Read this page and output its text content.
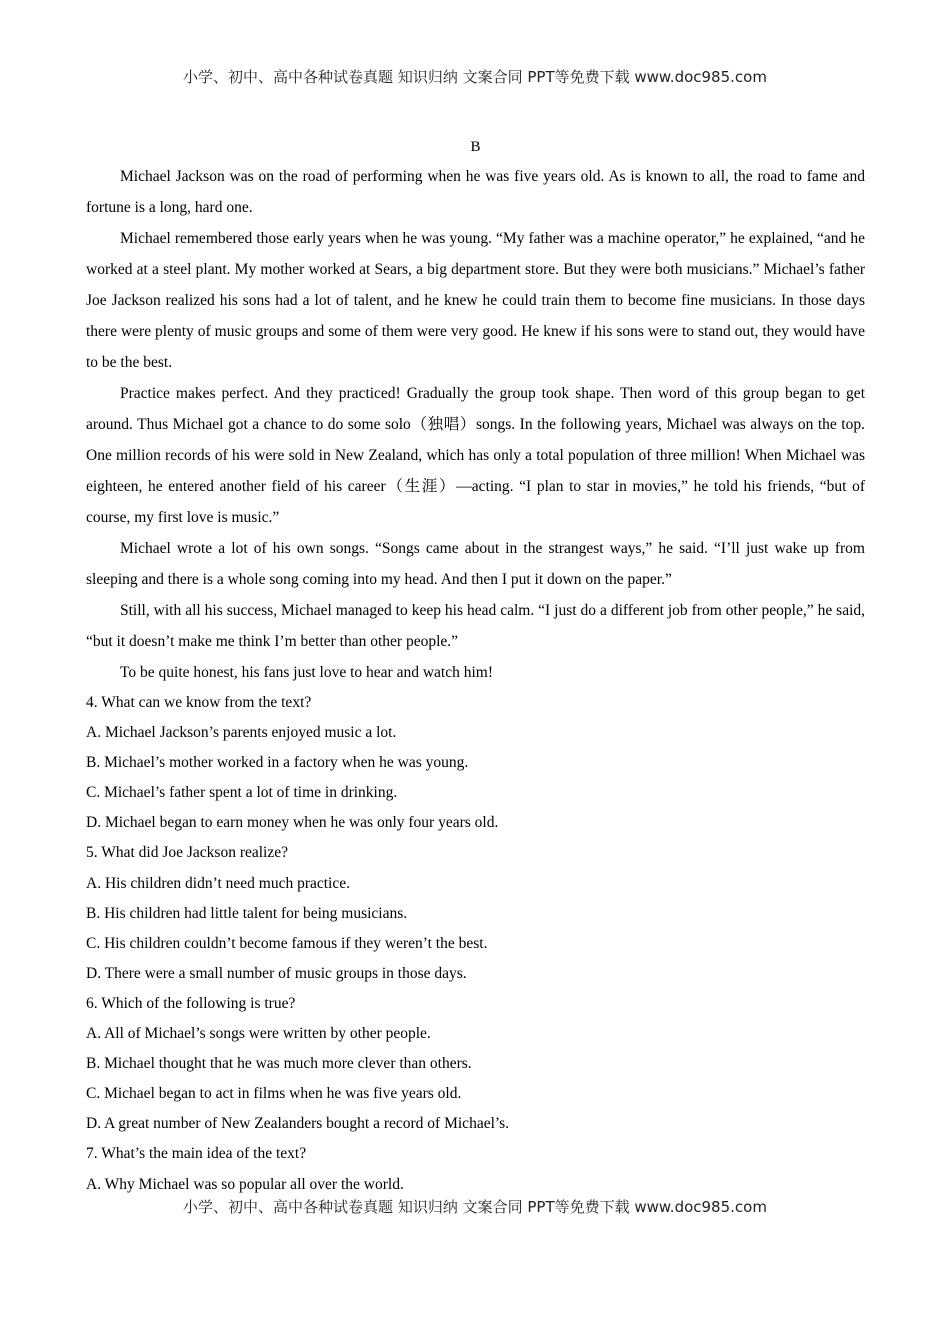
小学、初中、高中各种试卷真题 知识归纳 文案合同 PPT等免费下载 www.doc985.com
B

Michael Jackson was on the road of performing when he was five years old. As is known to all, the road to fame and fortune is a long, hard one.

Michael remembered those early years when he was young. “My father was a machine operator,” he explained, “and he worked at a steel plant. My mother worked at Sears, a big department store. But they were both musicians.” Michael’s father Joe Jackson realized his sons had a lot of talent, and he knew he could train them to become fine musicians. In those days there were plenty of music groups and some of them were very good. He knew if his sons were to stand out, they would have to be the best.

Practice makes perfect. And they practiced! Gradually the group took shape. Then word of this group began to get around. Thus Michael got a chance to do some solo（独唱）songs. In the following years, Michael was always on the top. One million records of his were sold in New Zealand, which has only a total population of three million! When Michael was eighteen, he entered another field of his career（生涯）—acting. “I plan to star in movies,” he told his friends, “but of course, my first love is music.”

Michael wrote a lot of his own songs. “Songs came about in the strangest ways,” he said. “I’ll just wake up from sleeping and there is a whole song coming into my head. And then I put it down on the paper.”

Still, with all his success, Michael managed to keep his head calm. “I just do a different job from other people,” he said, “but it doesn’t make me think I’m better than other people.”

To be quite honest, his fans just love to hear and watch him!

4. What can we know from the text?

A. Michael Jackson’s parents enjoyed music a lot.

B. Michael’s mother worked in a factory when he was young.

C. Michael’s father spent a lot of time in drinking.

D. Michael began to earn money when he was only four years old.

5. What did Joe Jackson realize?

A. His children didn’t need much practice.

B. His children had little talent for being musicians.

C. His children couldn’t become famous if they weren’t the best.

D. There were a small number of music groups in those days.

6. Which of the following is true?

A. All of Michael’s songs were written by other people.

B. Michael thought that he was much more clever than others.

C. Michael began to act in films when he was five years old.

D. A great number of New Zealanders bought a record of Michael’s.

7. What’s the main idea of the text?

A. Why Michael was so popular all over the world.

小学、初中、高中各种试卷真题 知识归纳 文案合同 PPT等免费下载 www.doc985.com
